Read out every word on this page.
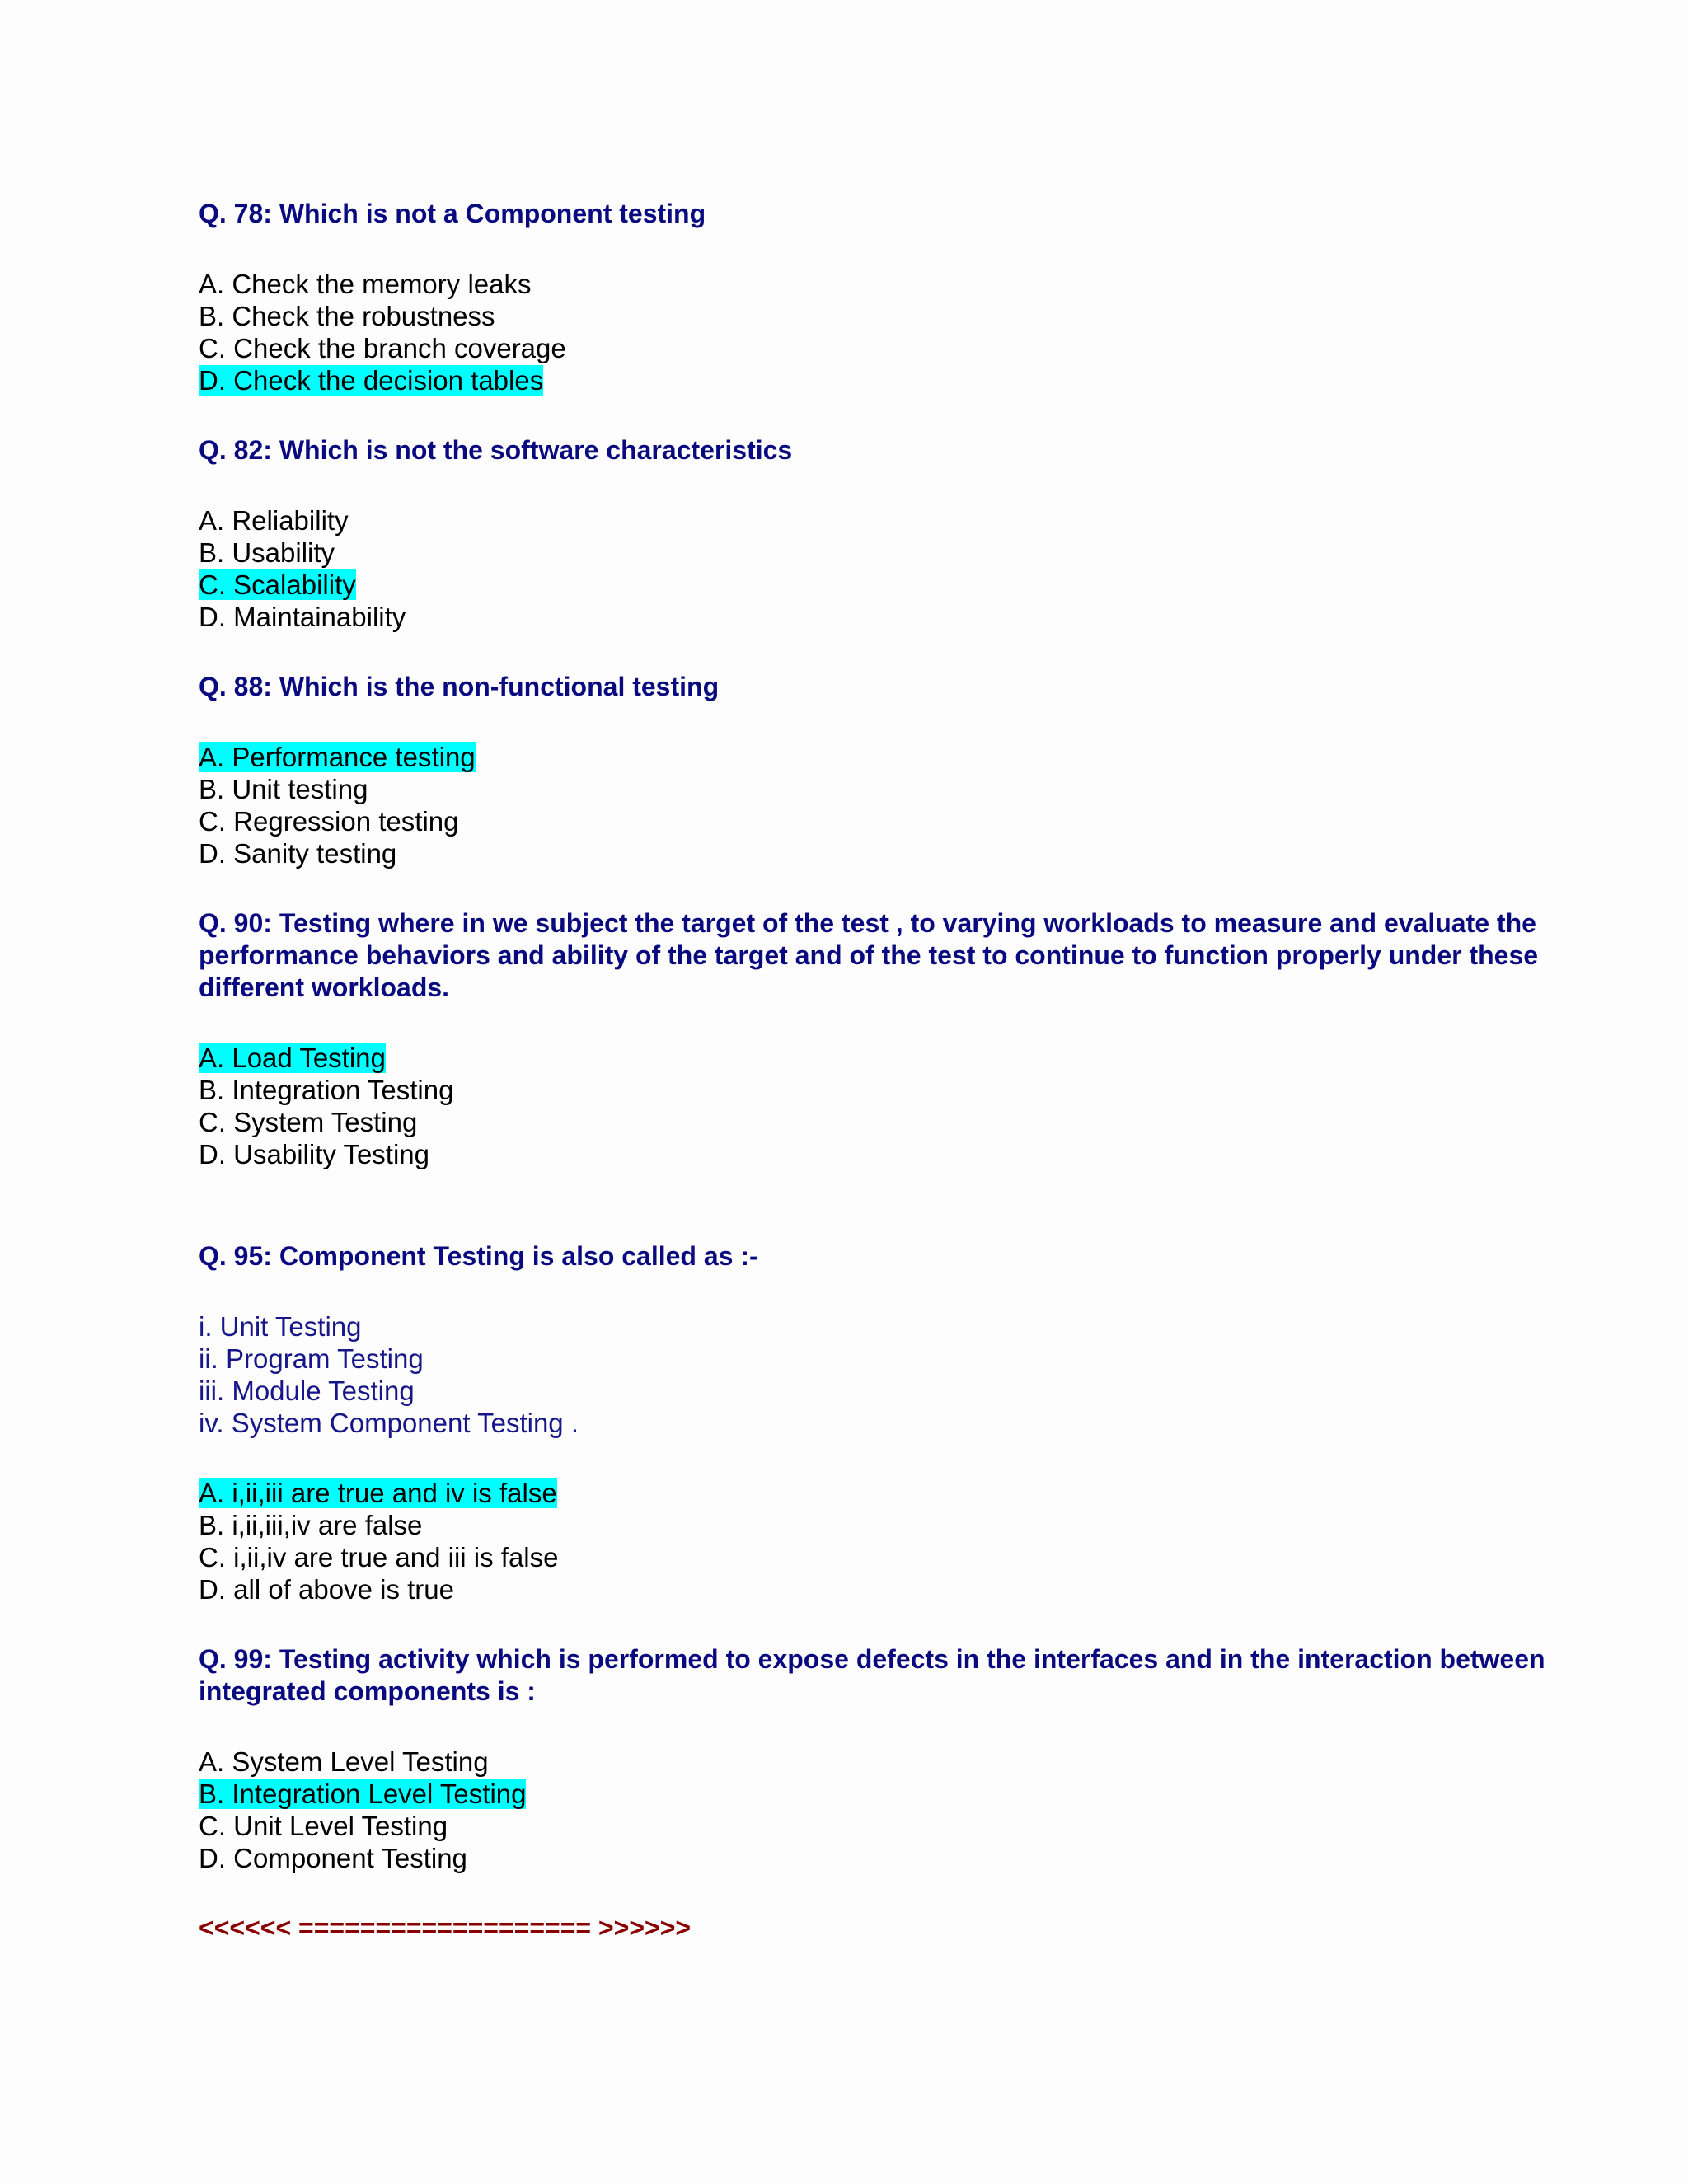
Q. 78: Which is not a Component testing
A. Check the memory leaks
B. Check the robustness
C. Check the branch coverage
D. Check the decision tables
Q. 82: Which is not the software characteristics
A. Reliability
B. Usability
C. Scalability
D. Maintainability
Q. 88: Which is the non-functional testing
A. Performance testing
B. Unit testing
C. Regression testing
D. Sanity testing
Q. 90: Testing where in we subject the target of the test , to varying workloads to measure and evaluate the performance behaviors and ability of the target and of the test to continue to function properly under these different workloads.
A. Load Testing
B. Integration Testing
C. System Testing
D. Usability Testing
Q. 95: Component Testing is also called as :-
i. Unit Testing
ii. Program Testing
iii. Module Testing
iv. System Component Testing .
A. i,ii,iii are true and iv is false
B. i,ii,iii,iv are false
C. i,ii,iv are true and iii is false
D. all of above is true
Q. 99: Testing activity which is performed to expose defects in the interfaces and in the interaction between integrated components is :
A. System Level Testing
B. Integration Level Testing
C. Unit Level Testing
D. Component Testing
<<<<<< =================== >>>>>>
